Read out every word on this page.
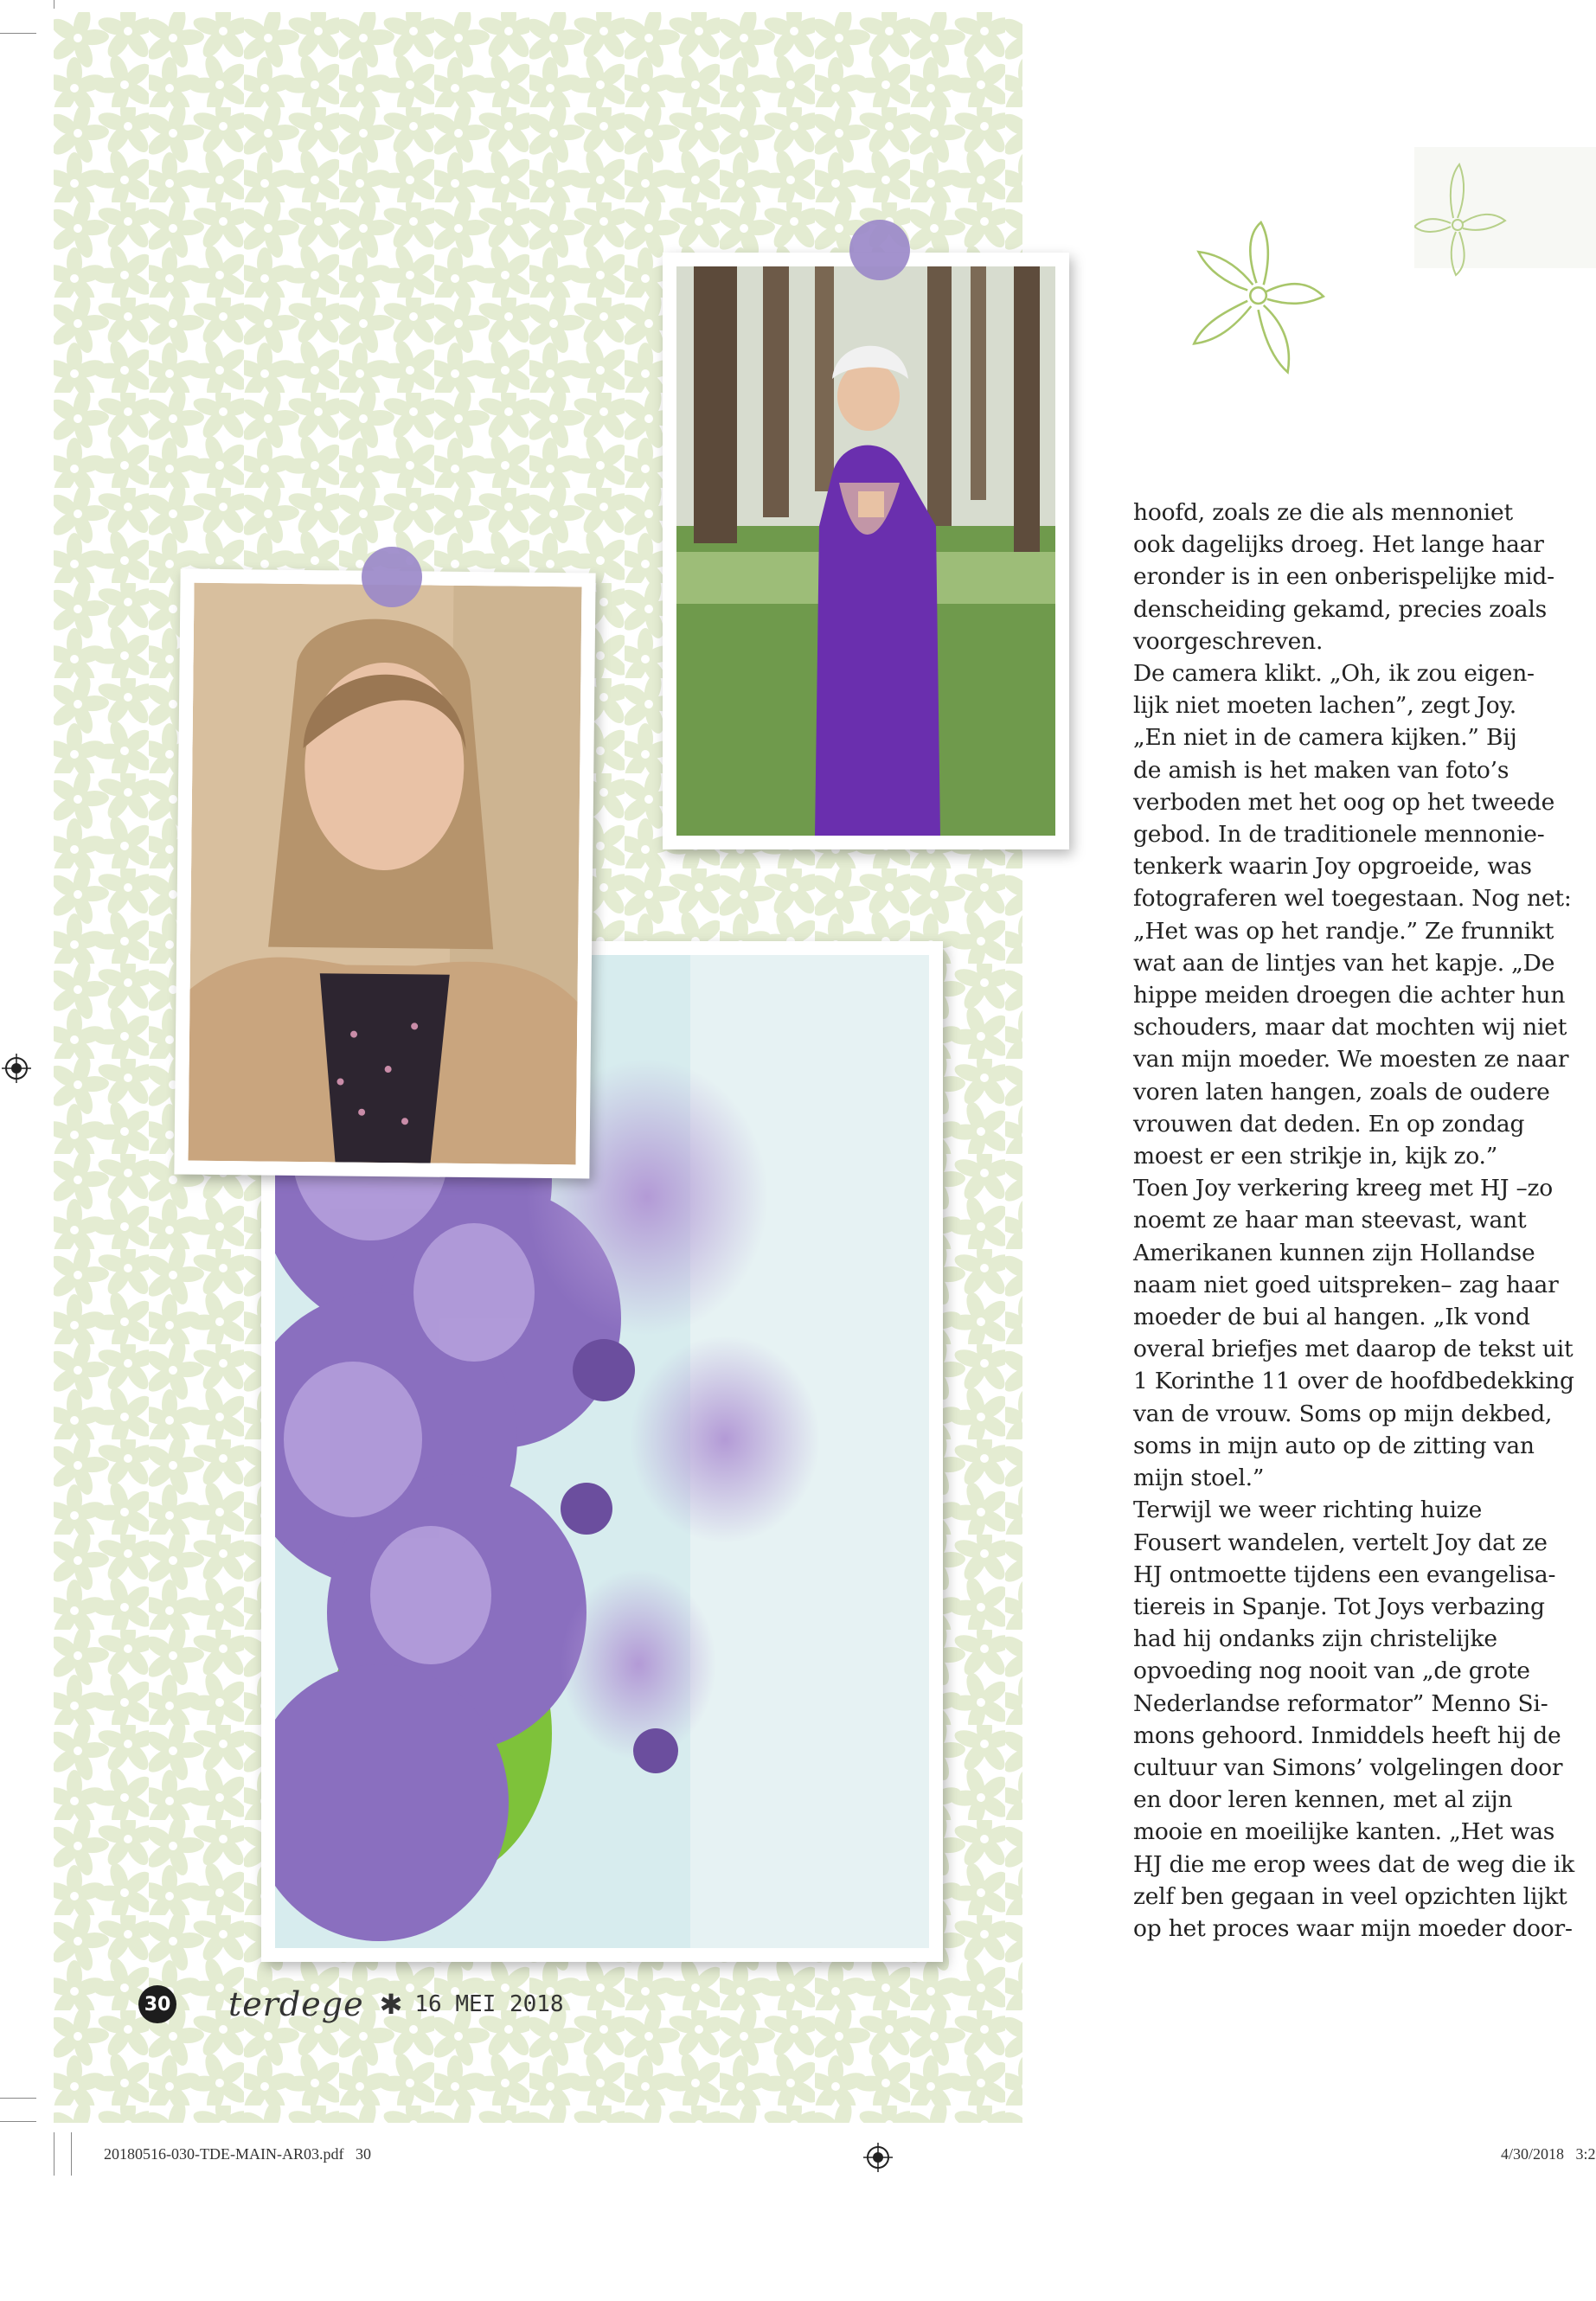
hoofd, zoals ze die als mennoniet
ook dagelijks droeg. Het lange haar
eronder is in een onberispelijke mid-
denscheiding gekamd, precies zoals
voorgeschreven.
De camera klikt. „Oh, ik zou eigen-
lijk niet moeten lachen”, zegt Joy.
„En niet in de camera kijken.” Bij
de amish is het maken van foto’s
verboden met het oog op het tweede
gebod. In de traditionele mennonie-
tenkerk waarin Joy opgroeide, was
fotograferen wel toegestaan. Nog net:
„Het was op het randje.” Ze frunnikt
wat aan de lintjes van het kapje. „De
hippe meiden droegen die achter hun
schouders, maar dat mochten wij niet
van mijn moeder. We moesten ze naar
voren laten hangen, zoals de oudere
vrouwen dat deden. En op zondag
moest er een strikje in, kijk zo.”
Toen Joy verkering kreeg met HJ –zo
noemt ze haar man steevast, want
Amerikanen kunnen zijn Hollandse
naam niet goed uitspreken– zag haar
moeder de bui al hangen. „Ik vond
overal briefjes met daarop de tekst uit
1 Korinthe 11 over de hoofdbedekking
van de vrouw. Soms op mijn dekbed,
soms in mijn auto op de zitting van
mijn stoel.”
Terwijl we weer richting huize
Fousert wandelen, vertelt Joy dat ze
HJ ontmoette tijdens een evangelisa-
tiereis in Spanje. Tot Joys verbazing
had hij ondanks zijn christelijke
opvoeding nog nooit van „de grote
Nederlandse reformator” Menno Si-
mons gehoord. Inmiddels heeft hij de
cultuur van Simons’ volgelingen door
en door leren kennen, met al zijn
mooie en moeilijke kanten. „Het was
HJ die me erop wees dat de weg die ik
zelf ben gegaan in veel opzichten lijkt
op het proces waar mijn moeder door-
30 terdege ✱ 16 MEI 2018
20180516-030-TDE-MAIN-AR03.pdf   30	4/30/2018   3:2
